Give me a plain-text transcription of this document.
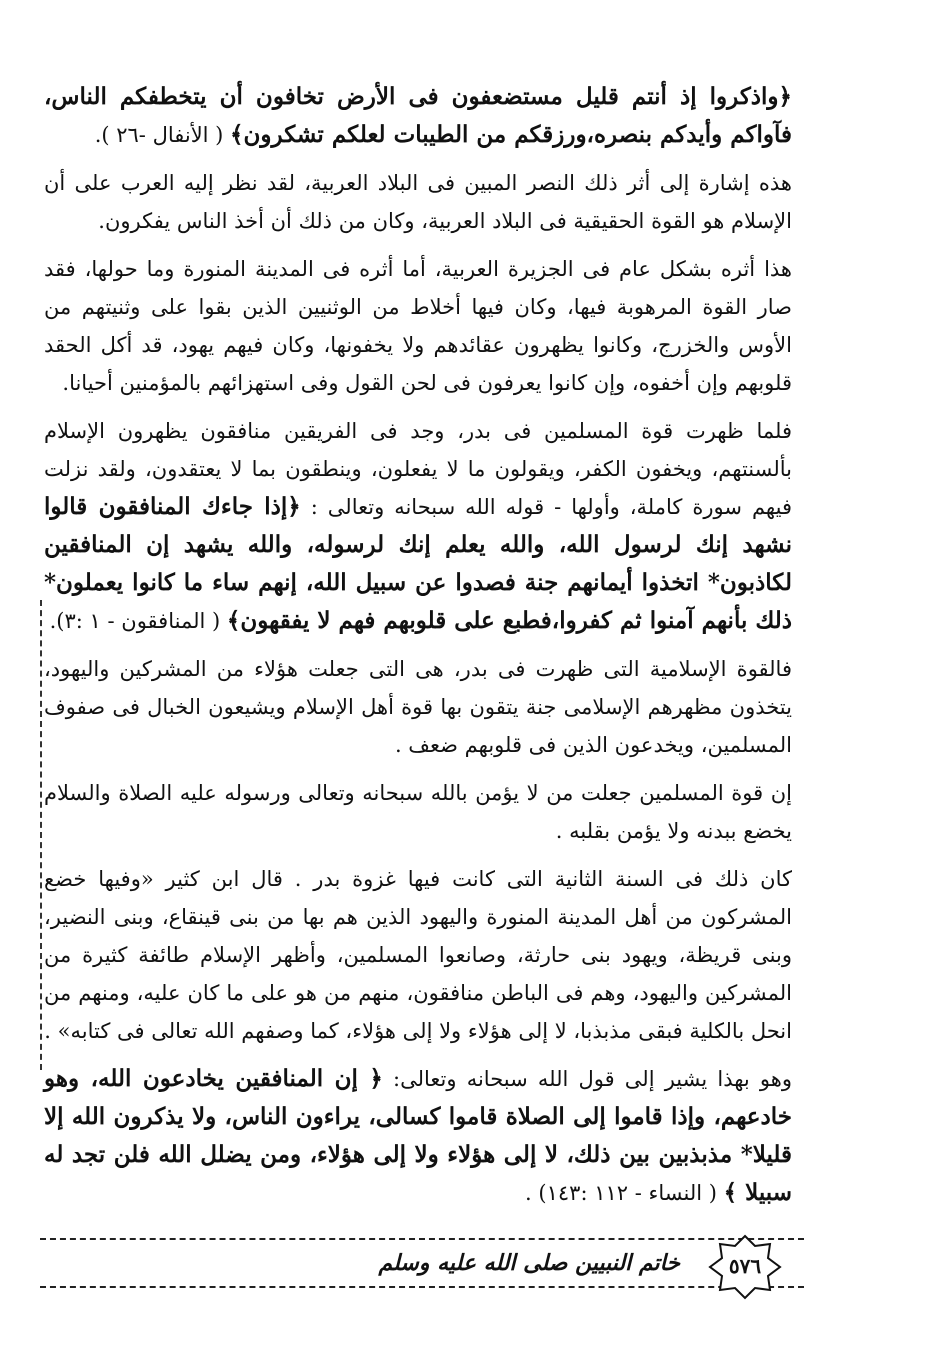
﴿واذكروا إذ أنتم قليل مستضعفون فى الأرض تخافون أن يتخطفكم الناس، فآواكم وأيدكم بنصره،ورزقكم من الطيبات لعلكم تشكرون﴾ ( الأنفال -٢٦ ).

هذه إشارة إلى أثر ذلك النصر المبين فى البلاد العربية، لقد نظر إليه العرب على أن الإسلام هو القوة الحقيقية فى البلاد العربية، وكان من ذلك أن أخذ الناس يفكرون.

هذا أثره بشكل عام فى الجزيرة العربية، أما أثره فى المدينة المنورة وما حولها، فقد صار القوة المرهوبة فيها، وكان فيها أخلاط من الوثنيين الذين بقوا على وثنيتهم من الأوس والخزرج، وكانوا يظهرون عقائدهم ولا يخفونها، وكان فيهم يهود، قد أكل الحقد قلوبهم وإن أخفوه، وإن كانوا يعرفون فى لحن القول وفى استهزائهم بالمؤمنين أحيانا.

فلما ظهرت قوة المسلمين فى بدر، وجد فى الفريقين منافقون يظهرون الإسلام بألسنتهم، ويخفون الكفر، ويقولون ما لا يفعلون، وينطقون بما لا يعتقدون، ولقد نزلت فيهم سورة كاملة، وأولها - قوله الله سبحانه وتعالى : ﴿إذا جاءك المنافقون قالوا نشهد إنك لرسول الله، والله يعلم إنك لرسوله، والله يشهد إن المنافقين لكاذبون* اتخذوا أيمانهم جنة فصدوا عن سبيل الله، إنهم ساء ما كانوا يعملون* ذلك بأنهم آمنوا ثم كفروا،فطبع على قلوبهم فهم لا يفقهون﴾ ( المنافقون - ١ :٣).

فالقوة الإسلامية التى ظهرت فى بدر، هى التى جعلت هؤلاء من المشركين واليهود، يتخذون مظهرهم الإسلامى جنة يتقون بها قوة أهل الإسلام ويشيعون الخبال فى صفوف المسلمين، ويخدعون الذين فى قلوبهم ضعف .

إن قوة المسلمين جعلت من لا يؤمن بالله سبحانه وتعالى ورسوله عليه الصلاة والسلام يخضع ببدنه ولا يؤمن بقلبه .

كان ذلك فى السنة الثانية التى كانت فيها غزوة بدر . قال ابن كثير «وفيها خضع المشركون من أهل المدينة المنورة واليهود الذين هم بها من بنى قينقاع، وبنى النضير، وبنى قريظة، ويهود بنى حارثة، وصانعوا المسلمين، وأظهر الإسلام طائفة كثيرة من المشركين واليهود، وهم فى الباطن منافقون، منهم من هو على ما كان عليه، ومنهم من انحل بالكلية فبقى مذبذبا، لا إلى هؤلاء ولا إلى هؤلاء، كما وصفهم الله تعالى فى كتابه» .

وهو بهذا يشير إلى قول الله سبحانه وتعالى: ﴿ إن المنافقين يخادعون الله، وهو خادعهم، وإذا قاموا إلى الصلاة قاموا كسالى، يراءون الناس، ولا يذكرون الله إلا قليلا* مذبذبين بين ذلك، لا إلى هؤلاء ولا إلى هؤلاء، ومن يضلل الله فلن تجد له سبيلا ﴾ ( النساء - ١١٢ :١٤٣) .

خاتم النبيين صلى الله عليه وسلم	٥٧٦
